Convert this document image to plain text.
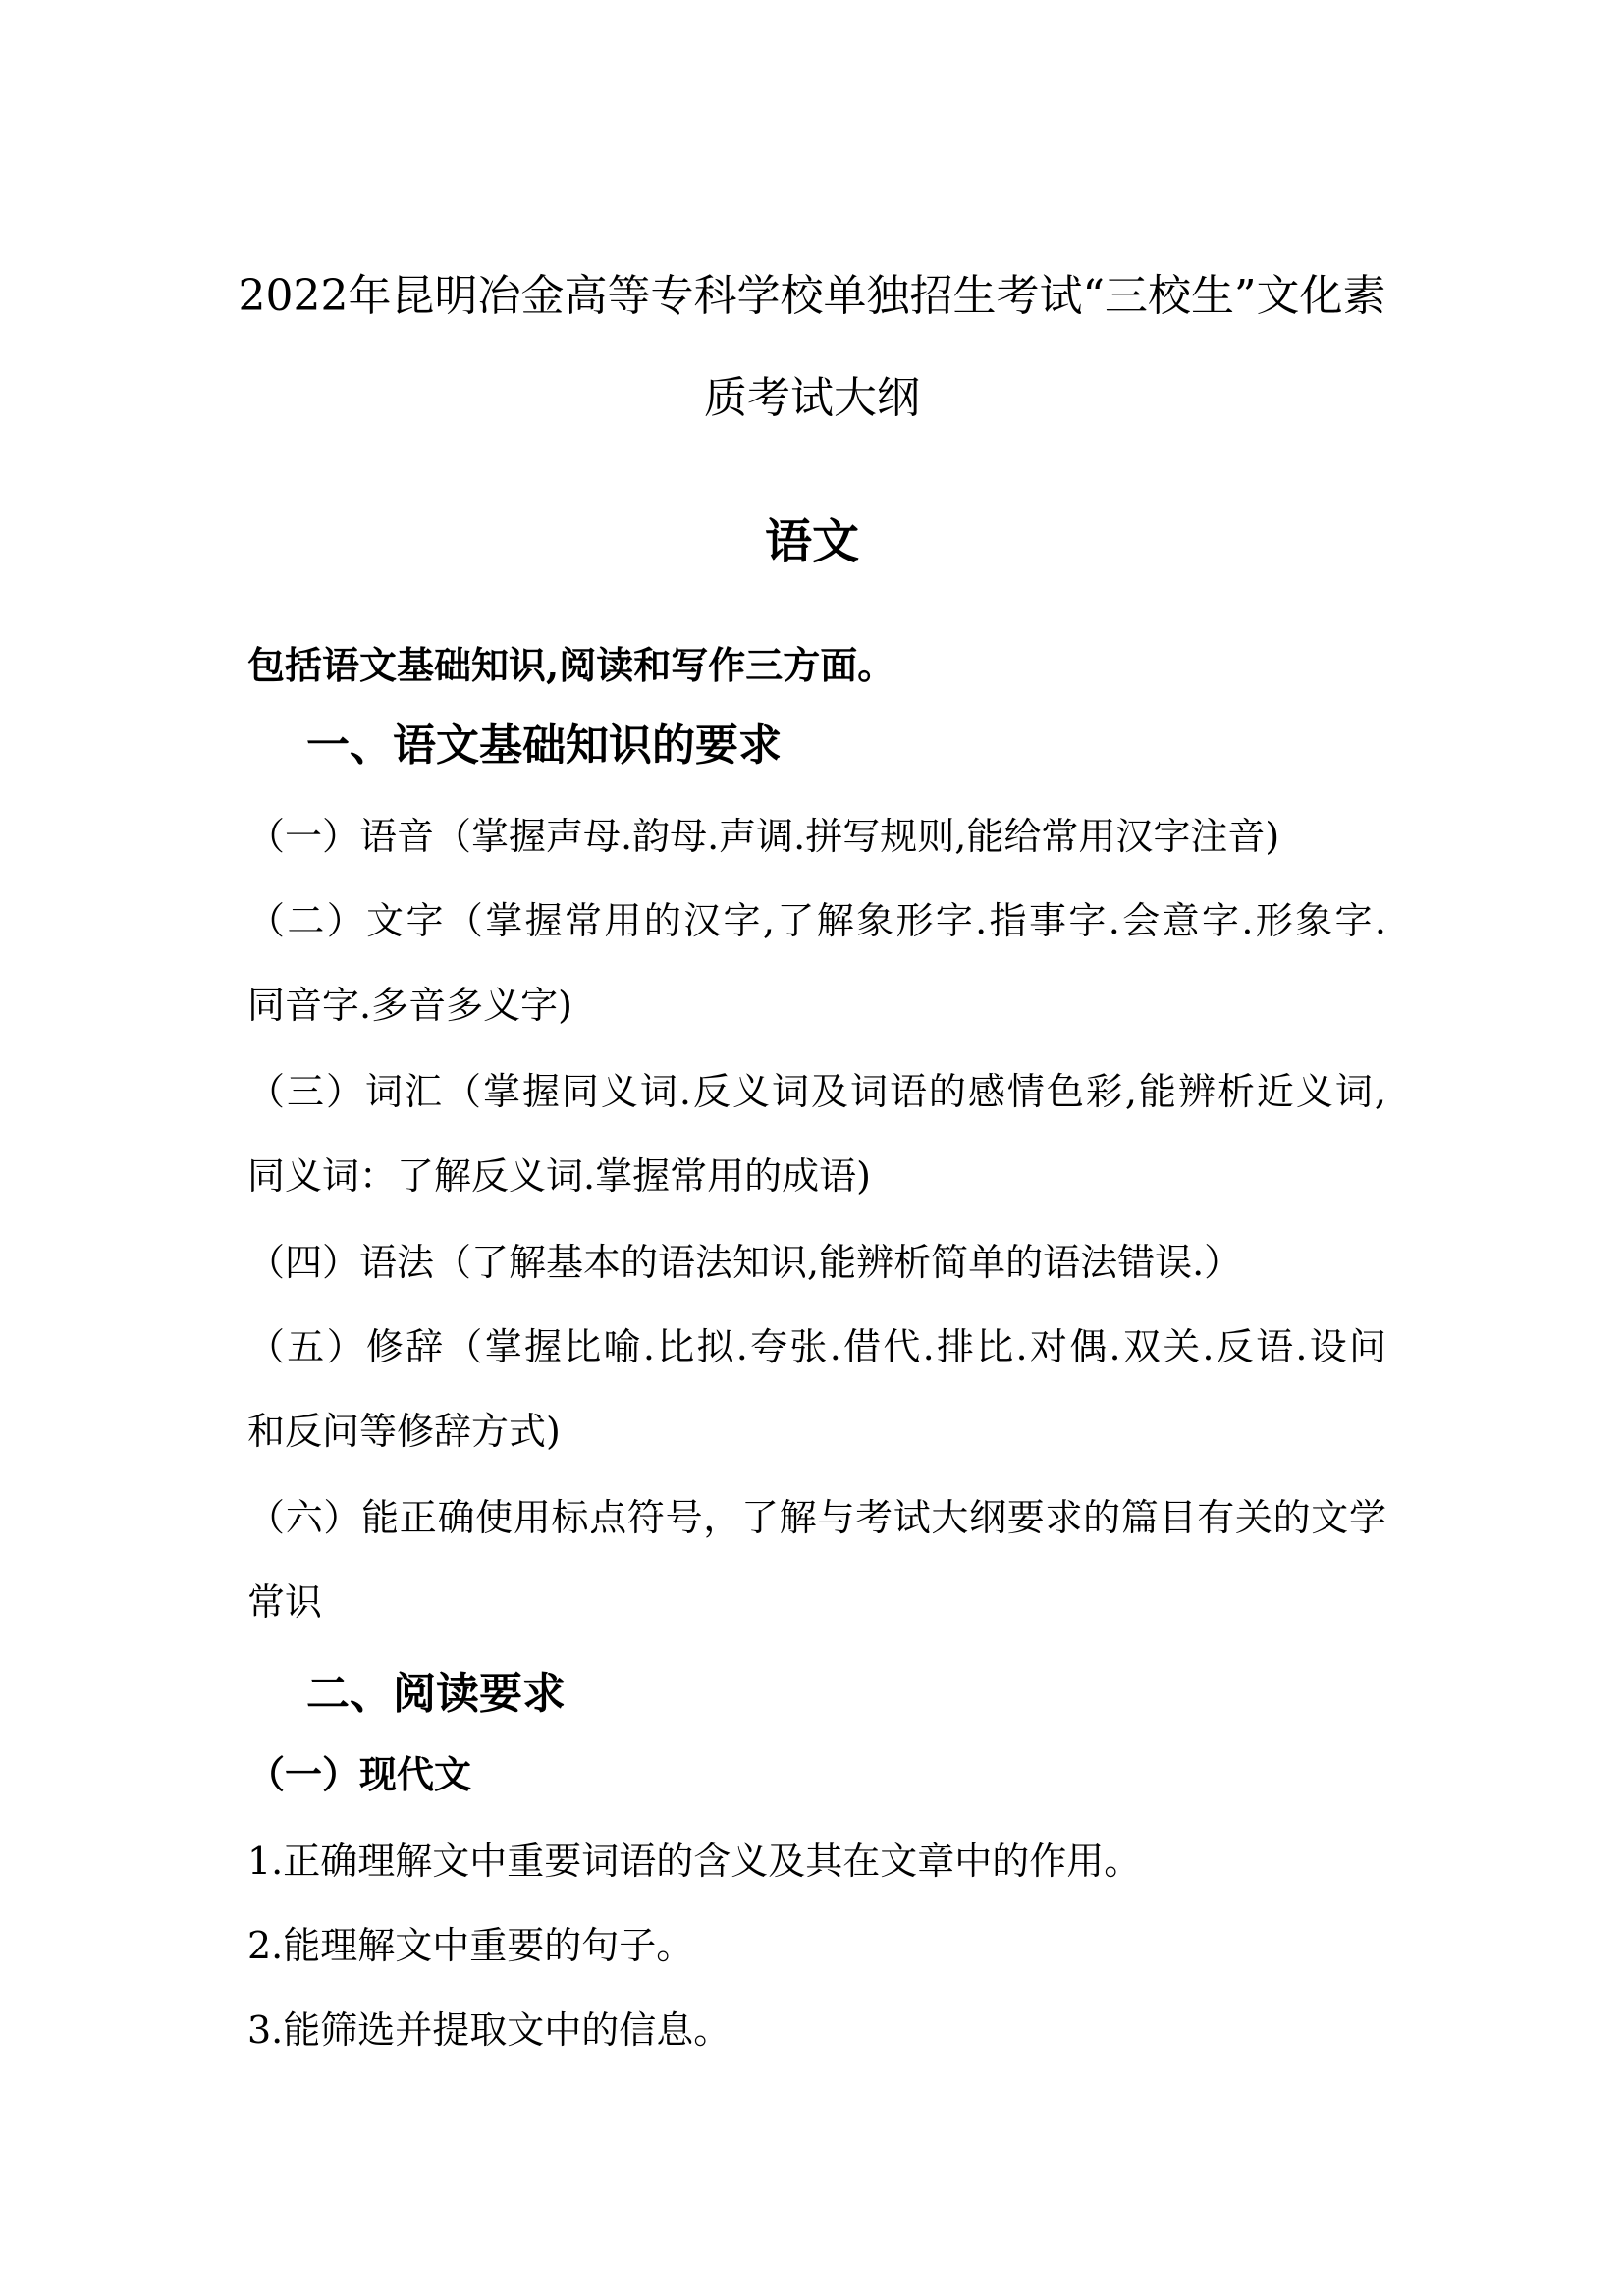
2022年昆明冶金高等专科学校单独招生考试“三校生”文化素
质考试大纲
语文
包括语文基础知识,阅读和写作三方面。
一、语文基础知识的要求
（一）语音（掌握声母.韵母.声调.拼写规则,能给常用汉字注音)
（二）文字（掌握常用的汉字,了解象形字.指事字.会意字.形象字.
同音字.多音多义字)
（三）词汇（掌握同义词.反义词及词语的感情色彩,能辨析近义词,
同义词：了解反义词.掌握常用的成语)
（四）语法（了解基本的语法知识,能辨析简单的语法错误.）
（五）修辞（掌握比喻.比拟.夸张.借代.排比.对偶.双关.反语.设问
和反问等修辞方式)
（六）能正确使用标点符号，了解与考试大纲要求的篇目有关的文学
常识
二、阅读要求
（一）现代文
1.正确理解文中重要词语的含义及其在文章中的作用。
2.能理解文中重要的句子。
3.能筛选并提取文中的信息。
